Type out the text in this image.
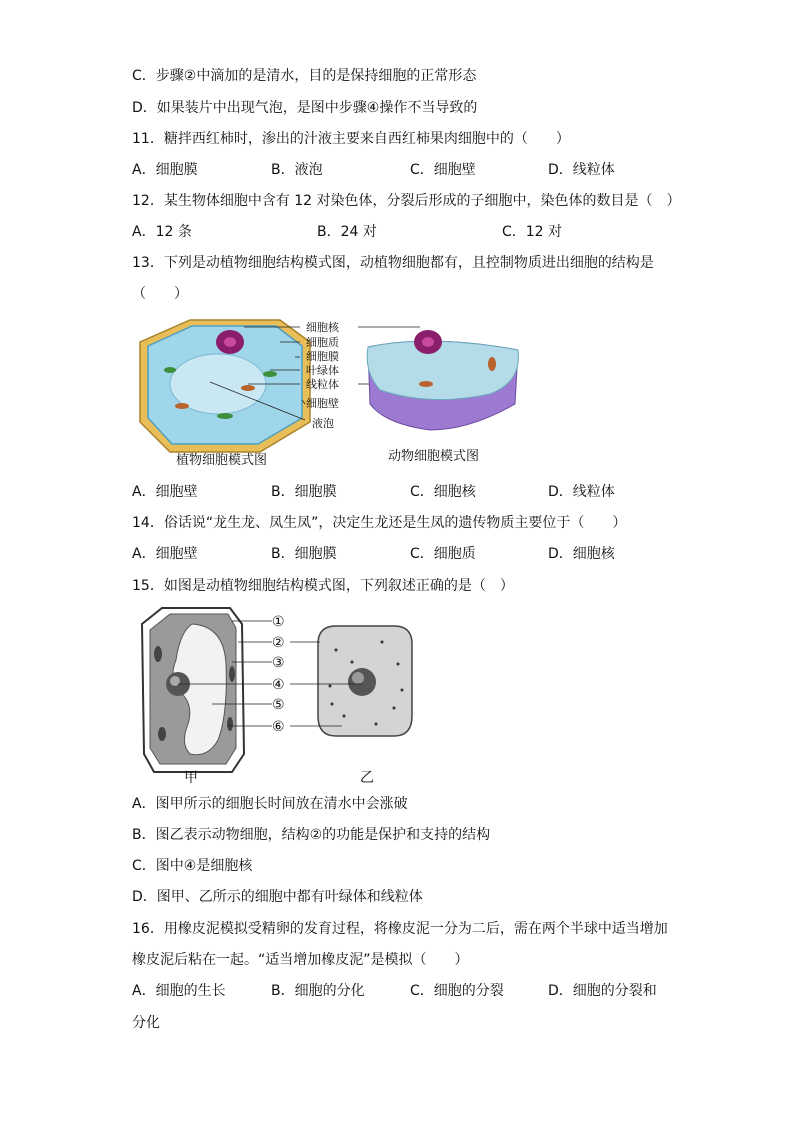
C．步骤②中滴加的是清水，目的是保持细胞的正常形态
D．如果装片中出现气泡，是图中步骤④操作不当导致的
11．糖拌西红柿时，渗出的汁液主要来自西红柿果肉细胞中的（　　）
A．细胞膜	B．液泡	C．细胞壁	D．线粒体
12．某生物体细胞中含有 12 对染色体，分裂后形成的子细胞中，染色体的数目是（　）
A．12 条	B．24 对	C．12 对
13．下列是动植物细胞结构模式图，动植物细胞都有，且控制物质进出细胞的结构是
（　　）
细胞核
细胞质
细胞膜
叶绿体
线粒体
细胞壁
液泡
植物细胞模式图	动物细胞模式图
A．细胞壁	B．细胞膜	C．细胞核	D．线粒体
14．俗话说“龙生龙、凤生凤”，决定生龙还是生凤的遗传物质主要位于（　　）
A．细胞壁	B．细胞膜	C．细胞质	D．细胞核
15．如图是动植物细胞结构模式图，下列叙述正确的是（　）
①
②
③
④
⑤
⑥
甲	乙
A．图甲所示的细胞长时间放在清水中会涨破
B．图乙表示动物细胞，结构②的功能是保护和支持的结构
C．图中④是细胞核
D．图甲、乙所示的细胞中都有叶绿体和线粒体
16．用橡皮泥模拟受精卵的发育过程，将橡皮泥一分为二后，需在两个半球中适当增加
橡皮泥后粘在一起。“适当增加橡皮泥”是模拟（　　）
A．细胞的生长	B．细胞的分化	C．细胞的分裂	D．细胞的分裂和
分化
